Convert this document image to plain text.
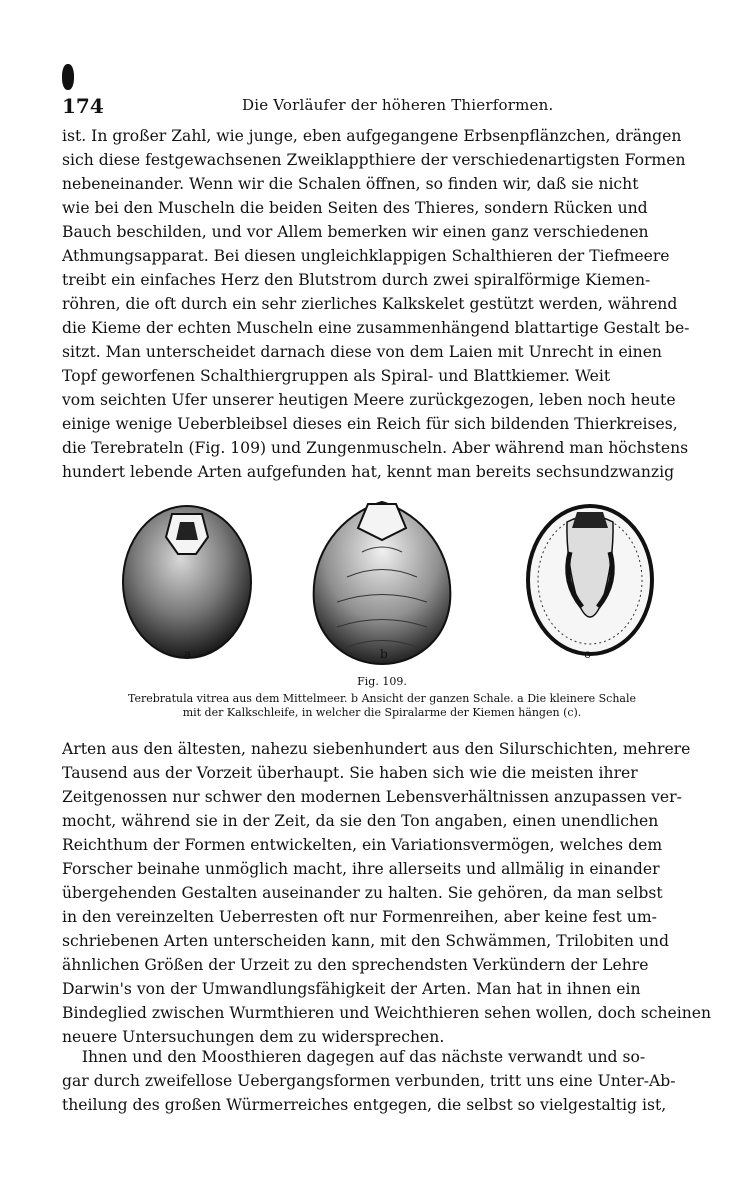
174	Die Vorläufer der höheren Thierformen.
ist. In großer Zahl, wie junge, eben aufgegangene Erbsenpflänzchen, drängen
sich diese festgewachsenen Zweiklappthiere der verschiedenartigsten Formen
nebeneinander. Wenn wir die Schalen öffnen, so finden wir, daß sie nicht
wie bei den Muscheln die beiden Seiten des Thieres, sondern Rücken und
Bauch beschilden, und vor Allem bemerken wir einen ganz verschiedenen
Athmungsapparat. Bei diesen ungleichklappigen Schalthieren der Tiefmeere
treibt ein einfaches Herz den Blutstrom durch zwei spiralförmige Kiemen-
röhren, die oft durch ein sehr zierliches Kalkskelet gestützt werden, während
die Kieme der echten Muscheln eine zusammenhängend blattartige Gestalt be-
sitzt. Man unterscheidet darnach diese von dem Laien mit Unrecht in einen
Topf geworfenen Schalthiergruppen als Spiral- und Blattkiemer. Weit
vom seichten Ufer unserer heutigen Meere zurückgezogen, leben noch heute
einige wenige Ueberbleibsel dieses ein Reich für sich bildenden Thierkreises,
die Terebrateln (Fig. 109) und Zungenmuscheln. Aber während man höchstens
hundert lebende Arten aufgefunden hat, kennt man bereits sechsundzwanzig
a	b	c
Fig. 109.
Terebratula vitrea aus dem Mittelmeer. b Ansicht der ganzen Schale. a Die kleinere Schale
mit der Kalkschleife, in welcher die Spiralarme der Kiemen hängen (c).
Arten aus den ältesten, nahezu siebenhundert aus den Silurschichten, mehrere
Tausend aus der Vorzeit überhaupt. Sie haben sich wie die meisten ihrer
Zeitgenossen nur schwer den modernen Lebensverhältnissen anzupassen ver-
mocht, während sie in der Zeit, da sie den Ton angaben, einen unendlichen
Reichthum der Formen entwickelten, ein Variationsvermögen, welches dem
Forscher beinahe unmöglich macht, ihre allerseits und allmälig in einander
übergehenden Gestalten auseinander zu halten. Sie gehören, da man selbst
in den vereinzelten Ueberresten oft nur Formenreihen, aber keine fest um-
schriebenen Arten unterscheiden kann, mit den Schwämmen, Trilobiten und
ähnlichen Größen der Urzeit zu den sprechendsten Verkündern der Lehre
Darwin's von der Umwandlungsfähigkeit der Arten. Man hat in ihnen ein
Bindeglied zwischen Wurmthieren und Weichthieren sehen wollen, doch scheinen
neuere Untersuchungen dem zu widersprechen.
Ihnen und den Moosthieren dagegen auf das nächste verwandt und so-
gar durch zweifellose Uebergangsformen verbunden, tritt uns eine Unter-Ab-
theilung des großen Würmerreiches entgegen, die selbst so vielgestaltig ist,
